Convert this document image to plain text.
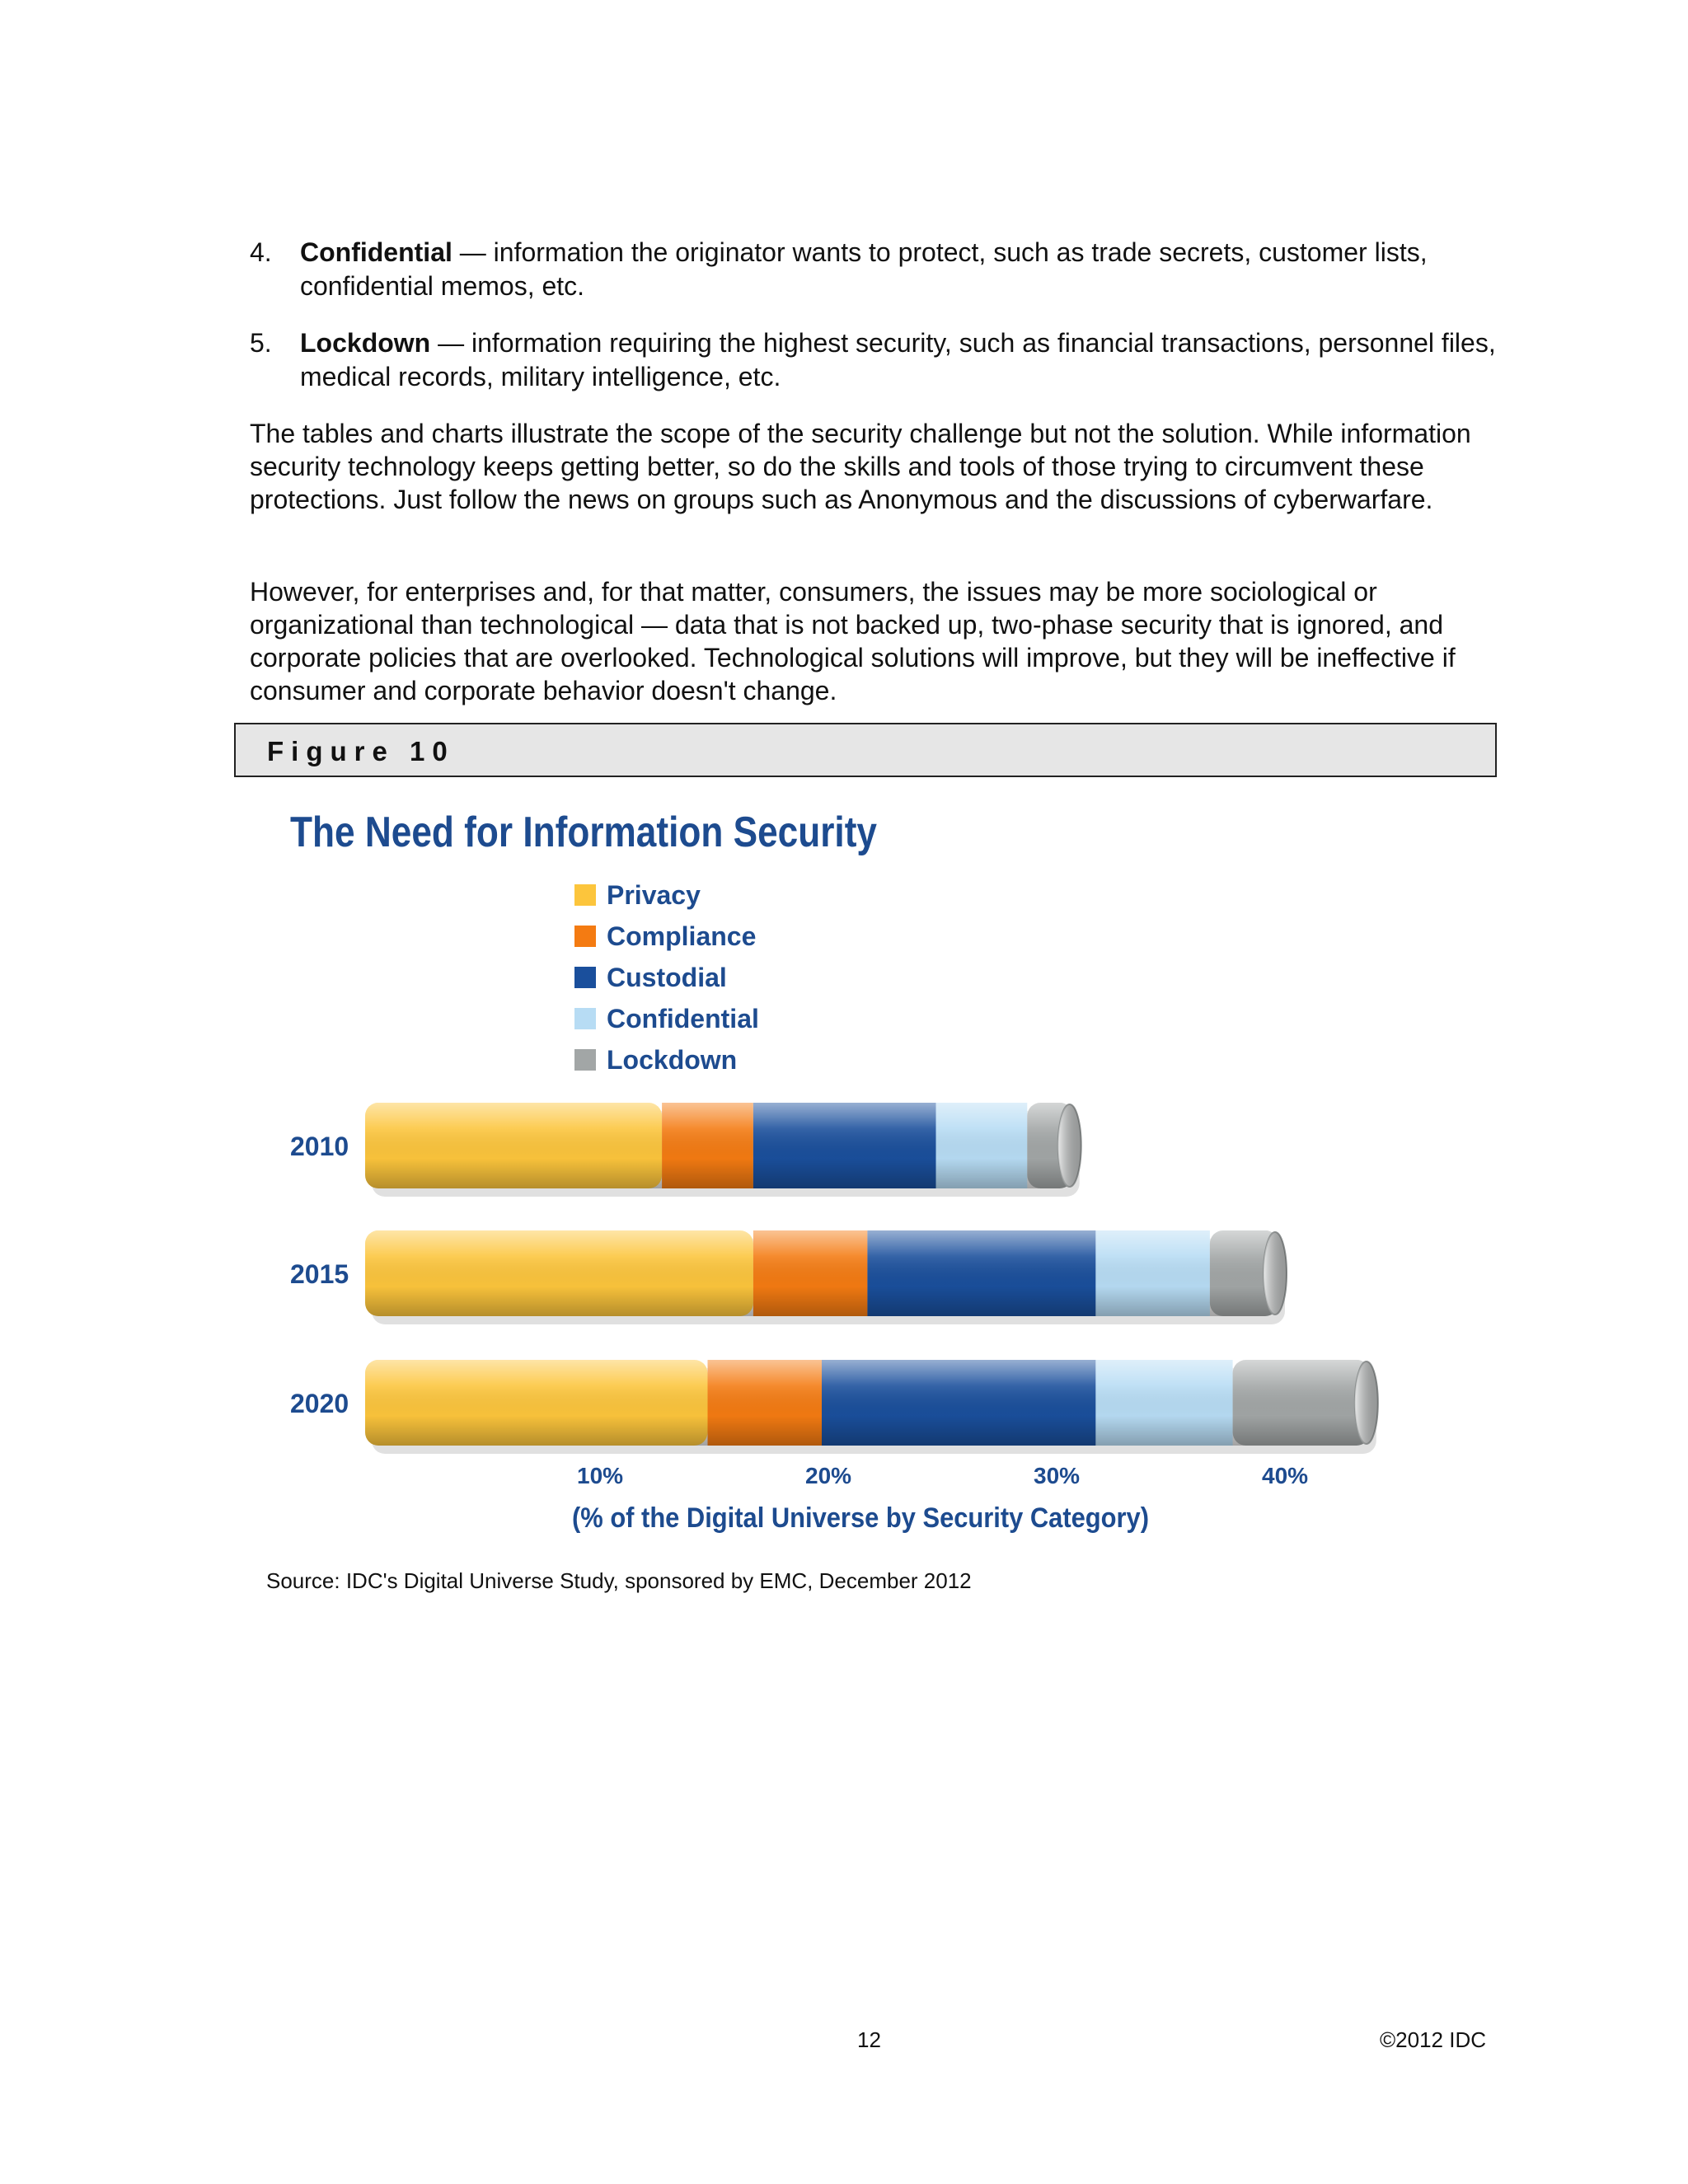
4. Confidential — information the originator wants to protect, such as trade secrets, customer lists, confidential memos, etc.
5. Lockdown — information requiring the highest security, such as financial transactions, personnel files, medical records, military intelligence, etc.

The tables and charts illustrate the scope of the security challenge but not the solution. While information security technology keeps getting better, so do the skills and tools of those trying to circumvent these protections. Just follow the news on groups such as Anonymous and the discussions of cyberwarfare.

However, for enterprises and, for that matter, consumers, the issues may be more sociological or organizational than technological — data that is not backed up, two-phase security that is ignored, and corporate policies that are overlooked. Technological solutions will improve, but they will be ineffective if consumer and corporate behavior doesn't change.

Figure 10
The Need for Information Security
Privacy
Compliance
Custodial
Confidential
Lockdown
2010
2015
2020
10%	20%	30%	40%
(% of the Digital Universe by Security Category)
Source: IDC's Digital Universe Study, sponsored by EMC, December 2012
12	©2012 IDC
